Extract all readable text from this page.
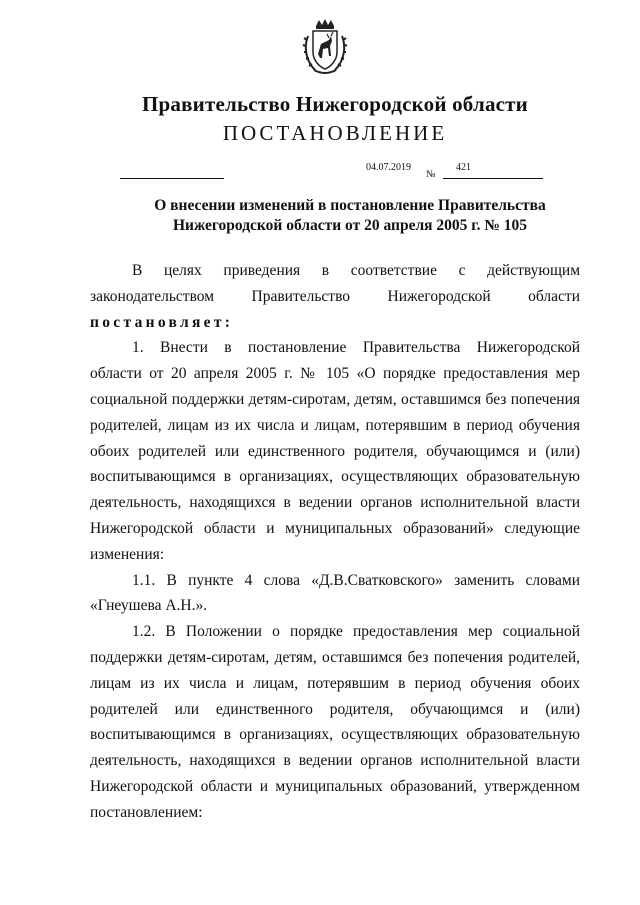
Правительство Нижегородской области
ПОСТАНОВЛЕНИЕ
04.07.2019
№
421
О внесении изменений в постановление Правительства
Нижегородской области от 20 апреля 2005 г. № 105

В целях приведения в соответствие с действующим

законодательством Правительство Нижегородской области

постановляет:

1. Внести в постановление Правительства Нижегородской

области от 20 апреля 2005 г. № 105 «О порядке предоставления мер

социальной поддержки детям-сиротам, детям, оставшимся без попечения

родителей, лицам из их числа и лицам, потерявшим в период обучения

обоих родителей или единственного родителя, обучающимся и (или)

воспитывающимся в организациях, осуществляющих образовательную

деятельность, находящихся в ведении органов исполнительной власти

Нижегородской области и муниципальных образований» следующие

изменения:

1.1. В пункте 4 слова «Д.В.Сватковского» заменить словами

«Гнеушева А.Н.».

1.2. В Положении о порядке предоставления мер социальной

поддержки детям-сиротам, детям, оставшимся без попечения родителей,

лицам из их числа и лицам, потерявшим в период обучения обоих

родителей или единственного родителя, обучающимся и (или)

воспитывающимся в организациях, осуществляющих образовательную

деятельность, находящихся в ведении органов исполнительной власти

Нижегородской области и муниципальных образований, утвержденном

постановлением:
